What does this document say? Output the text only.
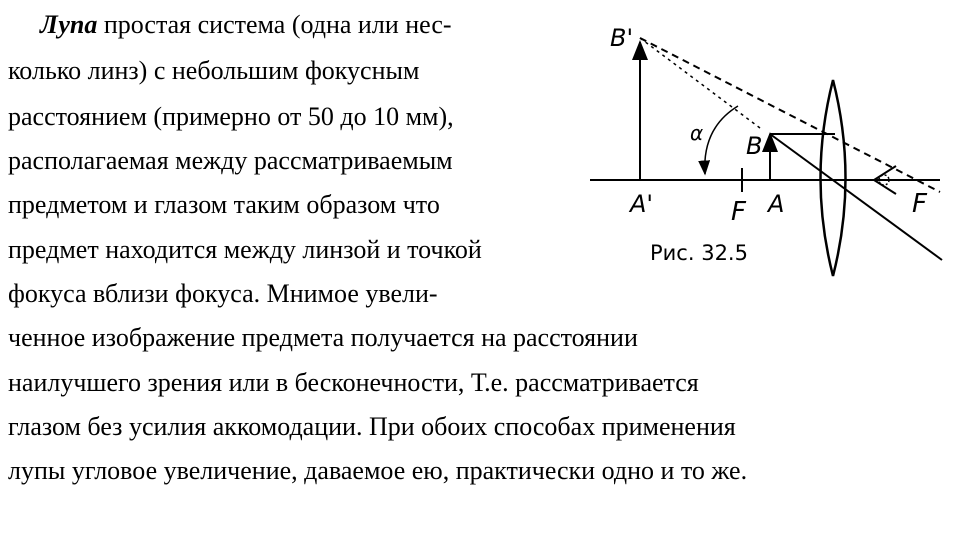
Лупа простая система (одна или нес-

колько линз) с небольшим фокусным

расстоянием (примерно от 50 до 10 мм),

располагаемая между рассматриваемым

предметом и глазом таким образом что

предмет находится между линзой и точкой

фокуса вблизи фокуса. Мнимое увели-

ченное изображение предмета получается на расстоянии

наилучшего зрения или в бесконечности, Т.е. рассматривается

глазом без усилия аккомодации. При обоих способах применения

лупы угловое увеличение, даваемое ею, практически одно и то же.

B'
A'
B
A
F	F
α
Рис. 32.5
